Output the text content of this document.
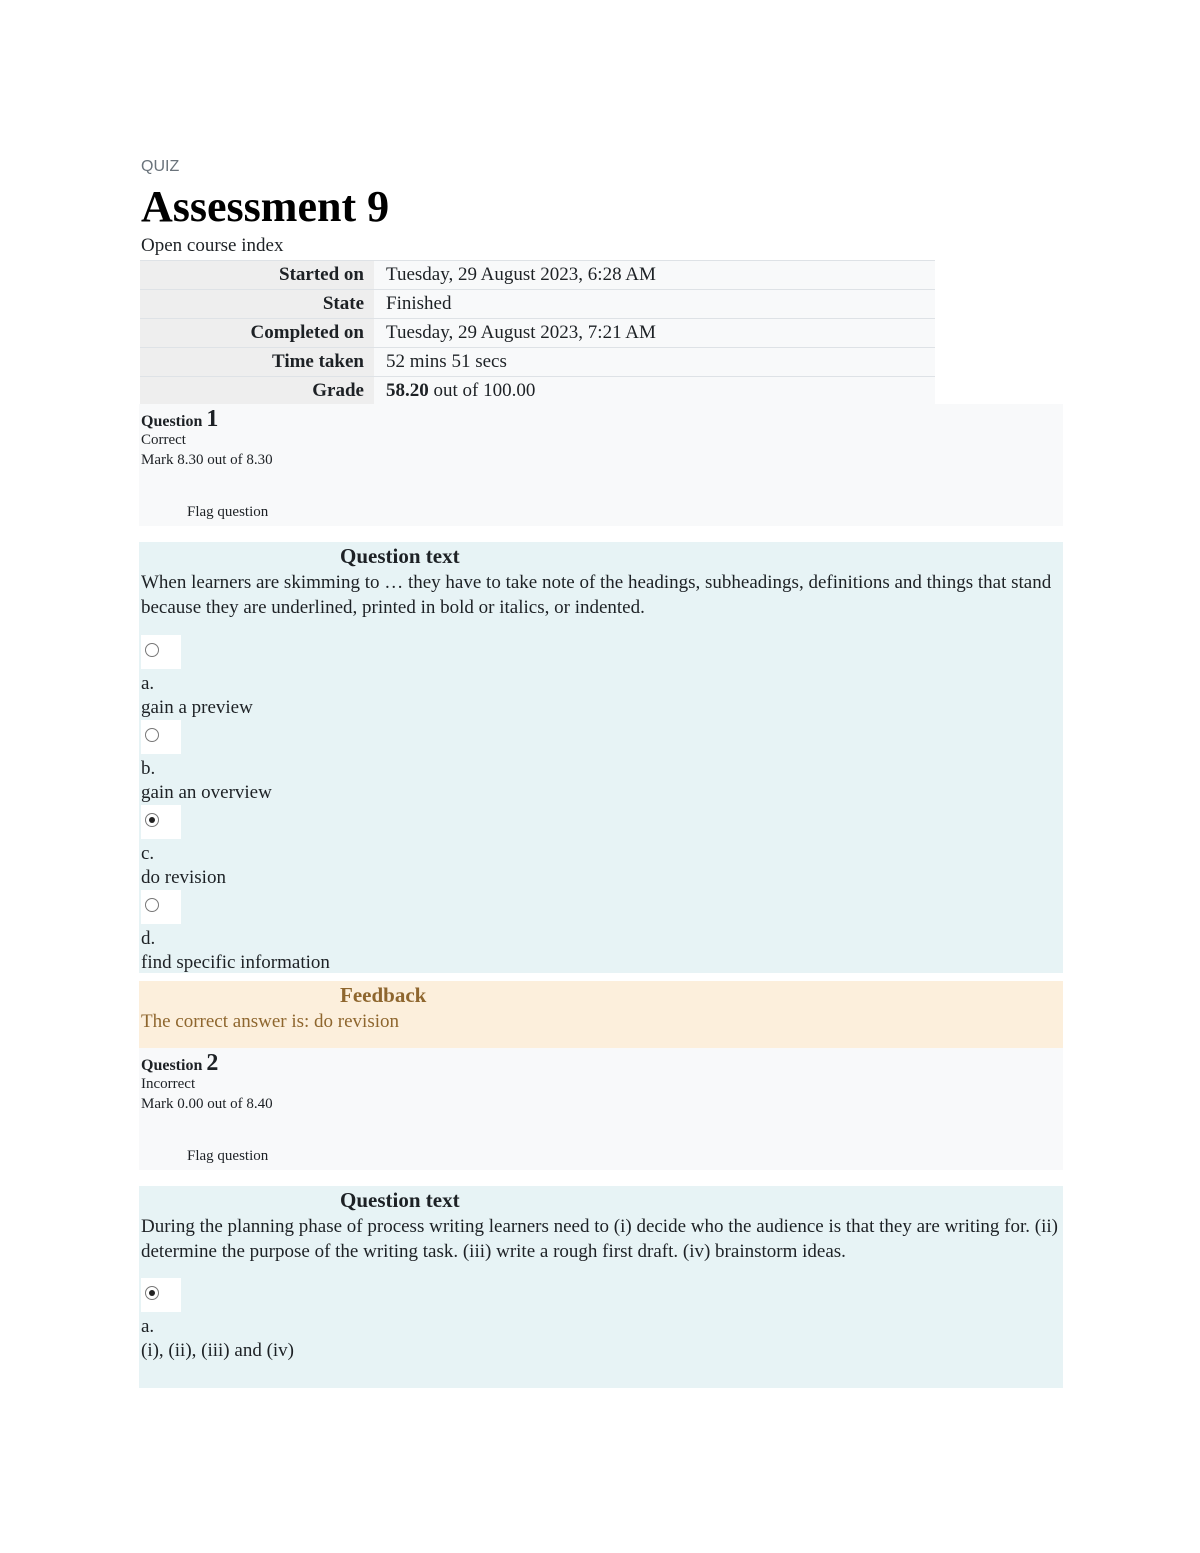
QUIZ
Assessment 9
Open course index
Started on	Tuesday, 29 August 2023, 6:28 AM
State	Finished
Completed on	Tuesday, 29 August 2023, 7:21 AM
Time taken	52 mins 51 secs
Grade	58.20 out of 100.00
Question 1
Correct
Mark 8.30 out of 8.30
Flag question
Question text
When learners are skimming to … they have to take note of the headings, subheadings, definitions and things that stand because they are underlined, printed in bold or italics, or indented.
a.
gain a preview
b.
gain an overview
c.
do revision
d.
find specific information
Feedback
The correct answer is: do revision
Question 2
Incorrect
Mark 0.00 out of 8.40
Flag question
Question text
During the planning phase of process writing learners need to (i) decide who the audience is that they are writing for. (ii) determine the purpose of the writing task. (iii) write a rough first draft. (iv) brainstorm ideas.
a.
(i), (ii), (iii) and (iv)
